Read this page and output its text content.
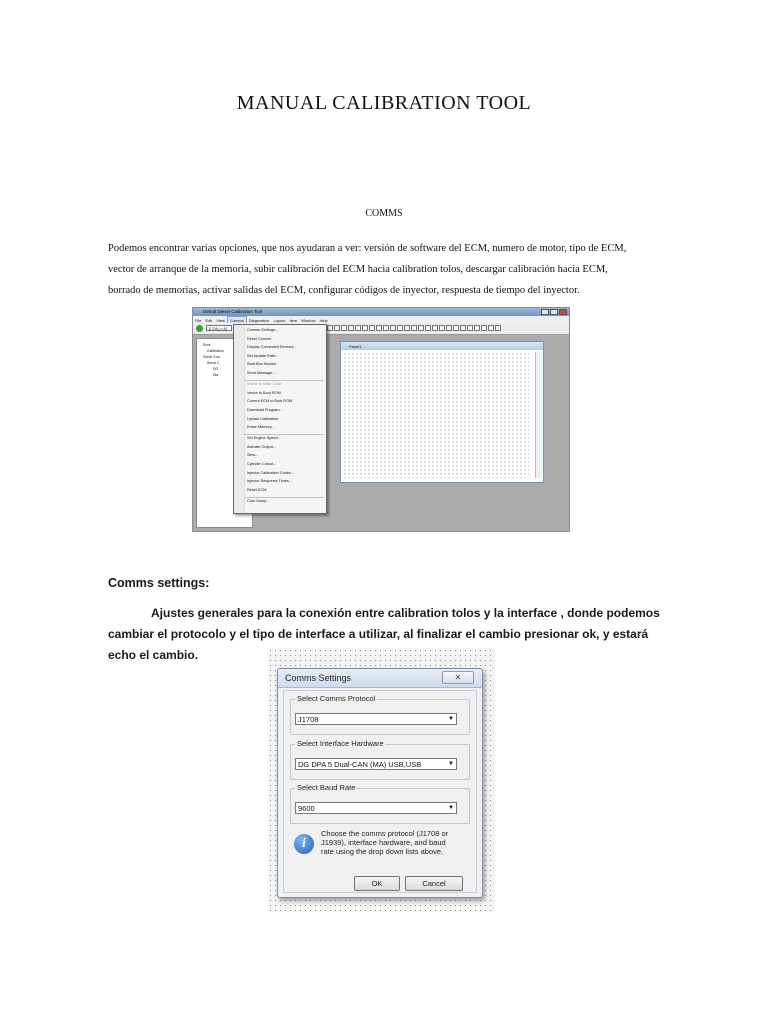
MANUAL CALIBRATION TOOL
COMMS
Podemos encontrar varias opciones, que nos ayudaran a ver: versión de software del ECM, numero de motor, tipo de ECM,
vector de arranque de la memoria, subir calibración del ECM hacia calibration tolos, descargar calibración hacia ECM,
borrado de memorias, activar salidas del ECM, configurar códigos de inyector, respuesta de tiempo del inyector.
Detroit Diesel Calibration Tool
File Edit View Comms Diagnostics Layout Item Window Help
J1708 (>=5)
Root
Calibration
Serial Com
Serial C
DG
Dia
Panel1
Comms Settings...
Reset Comms
Display Connected Devices...
Set Update Rate...
Start Bus Monitor
Send Message...
Vector to Main Code
Vector to Boot ROM
Current ECM to Boot ROM
Download Program...
Upload Calibration
Erase Memory...
Set Engine Speed...
Activate Output...
Slew...
Cylinder Cutout...
Injector Calibration Codes...
Injector Response Times...
Reset ECM
Core Dump...
Comms settings:
Ajustes generales para la conexión entre calibration tolos y la interface , donde podemos
cambiar el protocolo y el tipo de interface a utilizar, al finalizar el cambio presionar ok, y estará
echo el cambio.
Comms Settings	✕
Select Comms Protocol
J1708	▼
Select Interface Hardware
DG DPA 5 Dual-CAN (MA) USB,USB	▼
Select Baud Rate
9600	▼
i
Choose the comms protocol (J1708 or
J1939), interface hardware, and baud
rate using the drop down lists above.
OK	Cancel
